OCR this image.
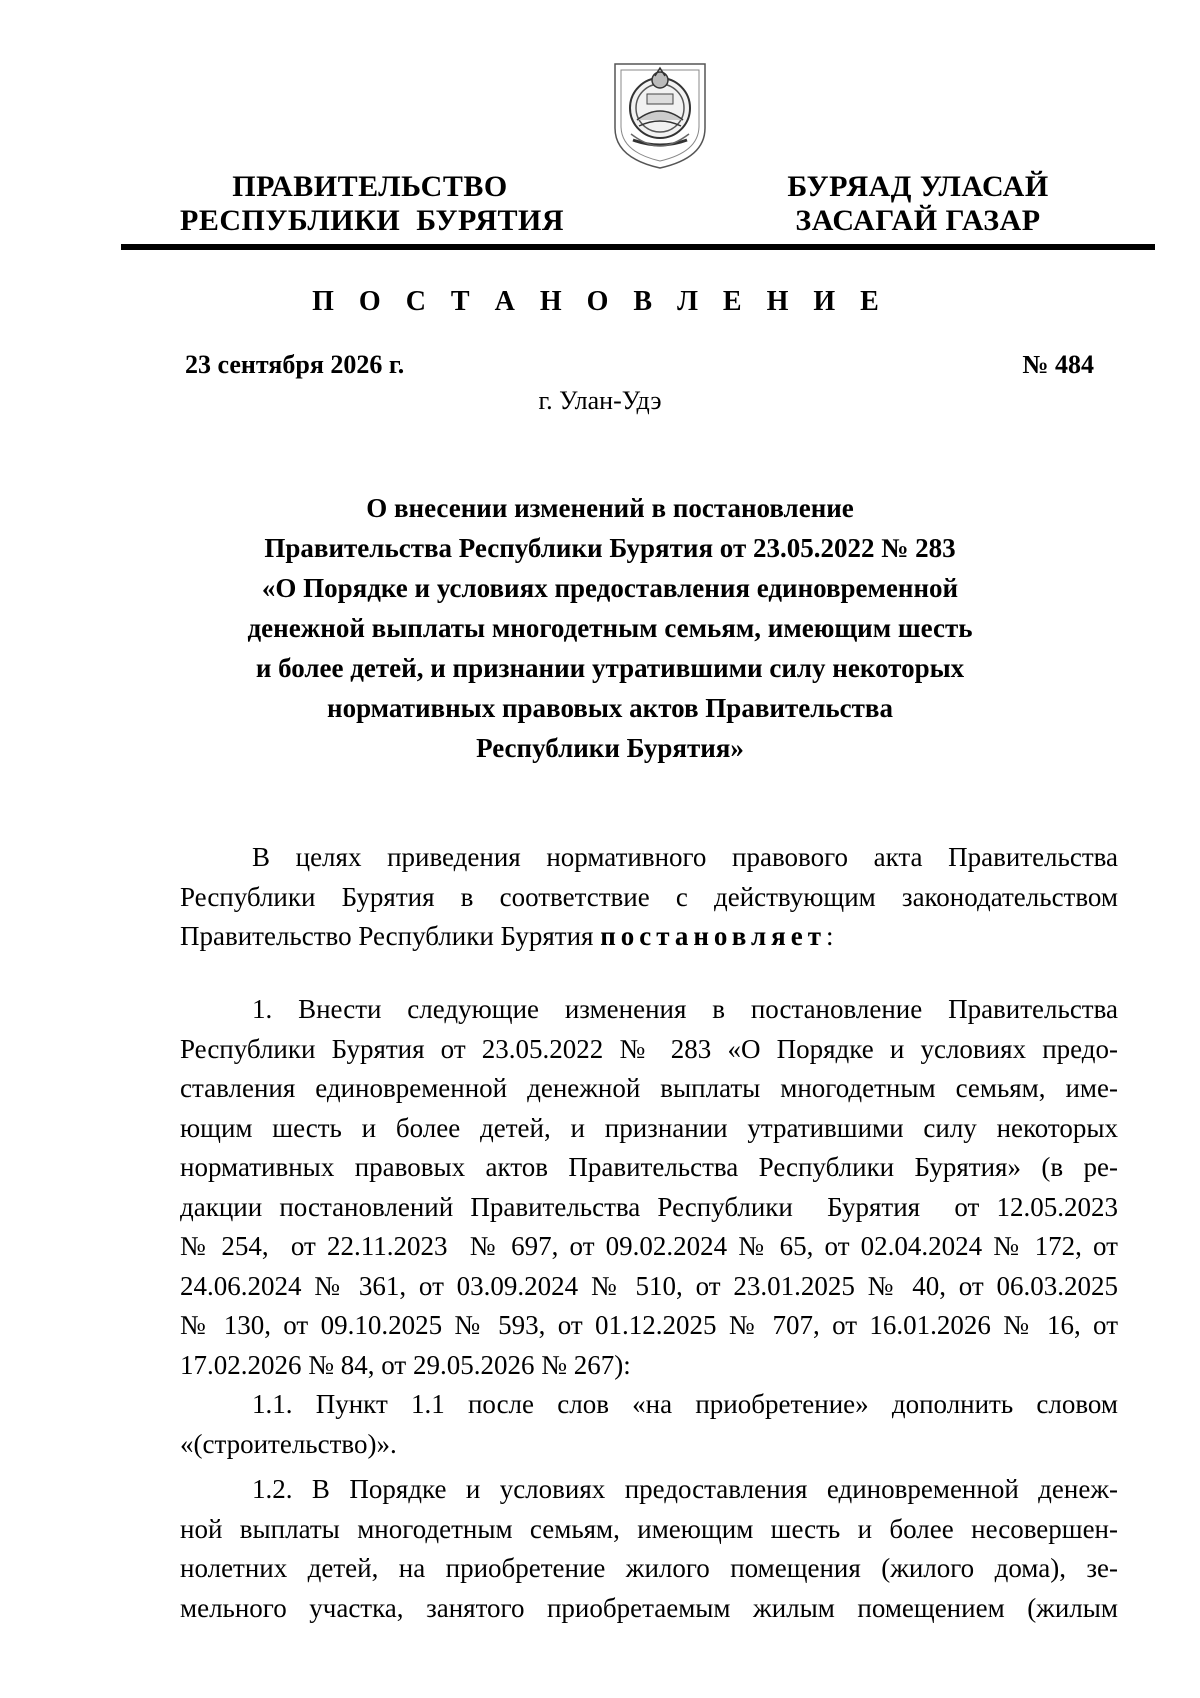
ПРАВИТЕЛЬСТВО
РЕСПУБЛИКИ  БУРЯТИЯ
БУРЯАД УЛАСАЙ
ЗАСАГАЙ ГАЗАР
П О С Т А Н О В Л Е Н И Е
23 сентября 2026 г.	№ 484
г. Улан-Удэ
О внесении изменений в постановление
Правительства Республики Бурятия от 23.05.2022 № 283
«О Порядке и условиях предоставления единовременной
денежной выплаты многодетным семьям, имеющим шесть
и более детей, и признании утратившими силу некоторых
нормативных правовых актов Правительства
Республики Бурятия»
В целях приведения нормативного правового акта Правительства
Республики Бурятия в соответствие с действующим законодательством
Правительство Республики Бурятия постановляет:
1. Внести следующие изменения в постановление Правительства
Республики Бурятия от 23.05.2022 № 283 «О Порядке и условиях предо-
ставления единовременной денежной выплаты многодетным семьям, име-
ющим шесть и более детей, и признании утратившими силу некоторых
нормативных правовых актов Правительства Республики Бурятия» (в ре-
дакции постановлений Правительства Республики  Бурятия  от 12.05.2023
№ 254,  от 22.11.2023  № 697, от 09.02.2024 № 65, от 02.04.2024 № 172, от
24.06.2024 № 361, от 03.09.2024 № 510, от 23.01.2025 № 40, от 06.03.2025
№ 130, от 09.10.2025 № 593, от 01.12.2025 № 707, от 16.01.2026 № 16, от
17.02.2026 № 84, от 29.05.2026 № 267):
1.1. Пункт 1.1 после слов «на приобретение» дополнить словом
«(строительство)».
1.2. В Порядке и условиях предоставления единовременной денеж-
ной выплаты многодетным семьям, имеющим шесть и более несовершен-
нолетних детей, на приобретение жилого помещения (жилого дома), зе-
мельного участка, занятого приобретаемым жилым помещением (жилым
